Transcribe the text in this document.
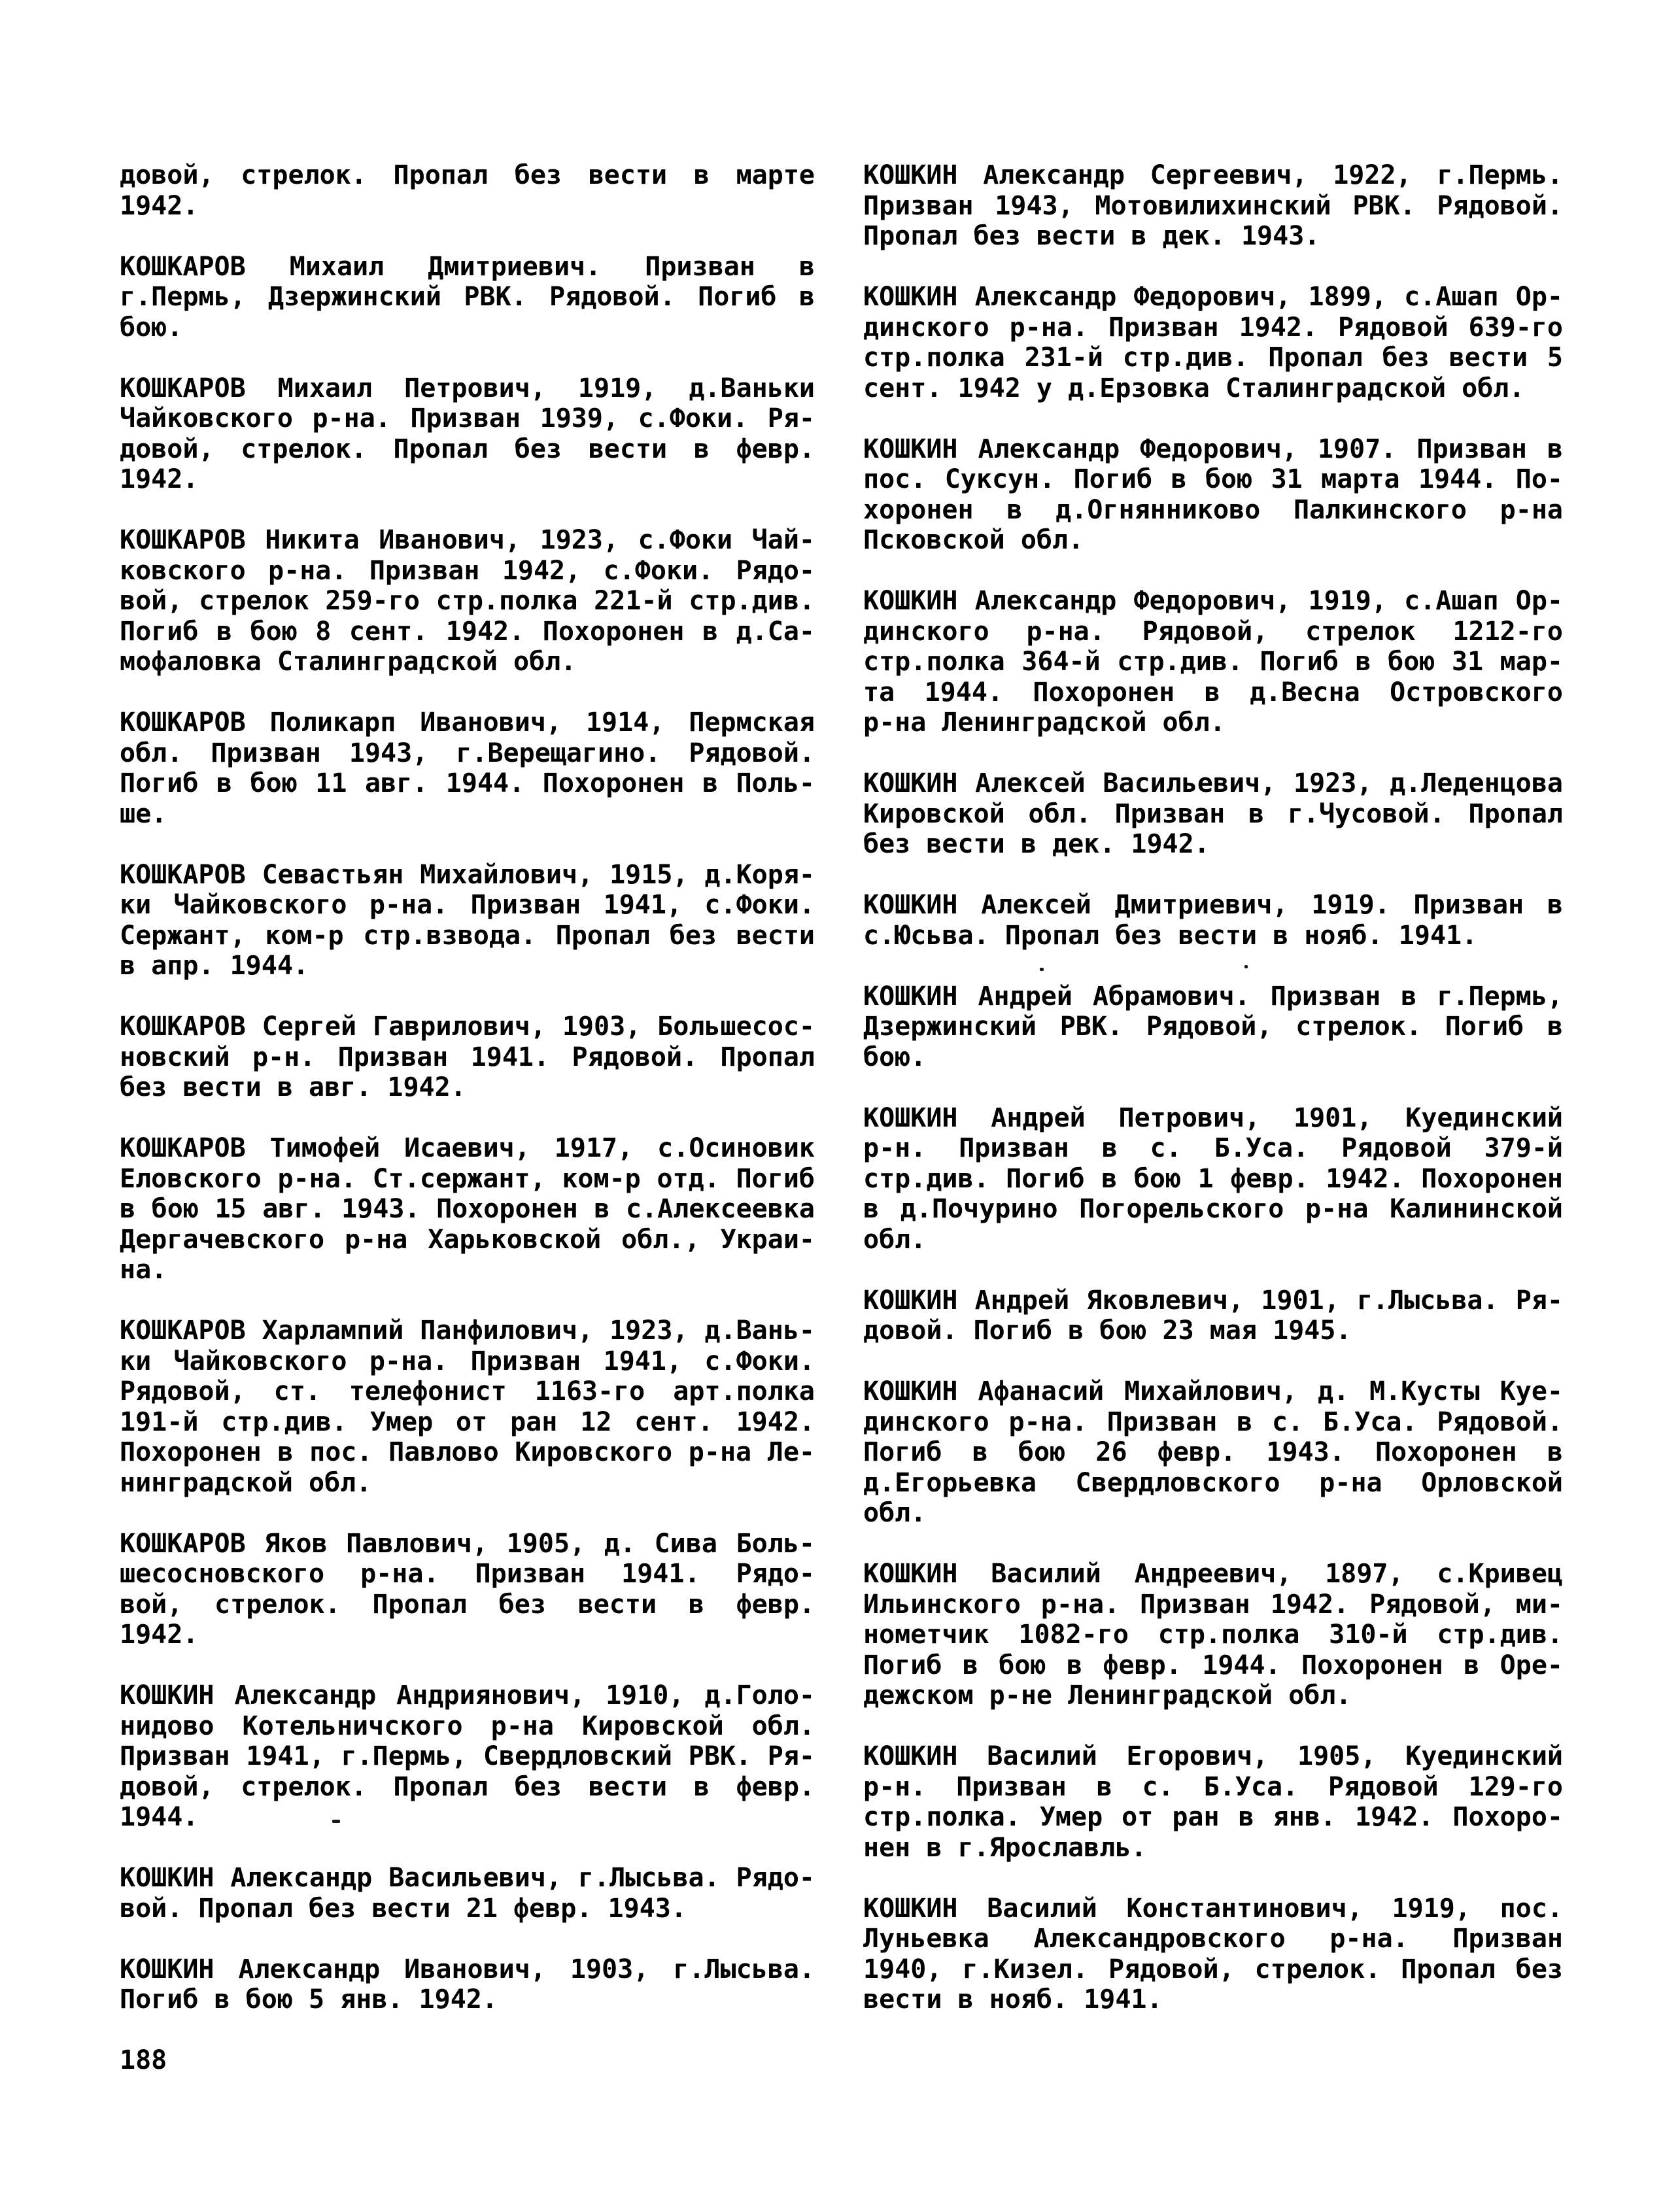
довой, стрелок. Пропал без вести в марте
1942.

КОШКАРОВ Михаил Дмитриевич. Призван в
г.Пермь, Дзержинский РВК. Рядовой. Погиб в
бою.

КОШКАРОВ Михаил Петрович, 1919, д.Ваньки
Чайковского р-на. Призван 1939, с.Фоки. Ря-
довой, стрелок. Пропал без вести в февр.
1942.

КОШКАРОВ Никита Иванович, 1923, с.Фоки Чай-
ковского р-на. Призван 1942, с.Фоки. Рядо-
вой, стрелок 259-го стр.полка 221-й стр.див.
Погиб в бою 8 сент. 1942. Похоронен в д.Са-
мофаловка Сталинградской обл.

КОШКАРОВ Поликарп Иванович, 1914, Пермская
обл. Призван 1943, г.Верещагино. Рядовой.
Погиб в бою 11 авг. 1944. Похоронен в Поль-
ше.

КОШКАРОВ Севастьян Михайлович, 1915, д.Коря-
ки Чайковского р-на. Призван 1941, с.Фоки.
Сержант, ком-р стр.взвода. Пропал без вести
в апр. 1944.

КОШКАРОВ Сергей Гаврилович, 1903, Большесос-
новский р-н. Призван 1941. Рядовой. Пропал
без вести в авг. 1942.

КОШКАРОВ Тимофей Исаевич, 1917, с.Осиновик
Еловского р-на. Ст.сержант, ком-р отд. Погиб
в бою 15 авг. 1943. Похоронен в с.Алексеевка
Дергачевского р-на Харьковской обл., Украи-
на.

КОШКАРОВ Харлампий Панфилович, 1923, д.Вань-
ки Чайковского р-на. Призван 1941, с.Фоки.
Рядовой, ст. телефонист 1163-го арт.полка
191-й стр.див. Умер от ран 12 сент. 1942.
Похоронен в пос. Павлово Кировского р-на Ле-
нинградской обл.

КОШКАРОВ Яков Павлович, 1905, д. Сива Боль-
шесосновского р-на. Призван 1941. Рядо-
вой, стрелок. Пропал без вести в февр.
1942.

КОШКИН Александр Андриянович, 1910, д.Голо-
нидово Котельничского р-на Кировской обл.
Призван 1941, г.Пермь, Свердловский РВК. Ря-
довой, стрелок. Пропал без вести в февр.
1944.

КОШКИН Александр Васильевич, г.Лысьва. Рядо-
вой. Пропал без вести 21 февр. 1943.

КОШКИН Александр Иванович, 1903, г.Лысьва.
Погиб в бою 5 янв. 1942.

КОШКИН Александр Сергеевич, 1922, г.Пермь.
Призван 1943, Мотовилихинский РВК. Рядовой.
Пропал без вести в дек. 1943.

КОШКИН Александр Федорович, 1899, с.Ашап Ор-
динского р-на. Призван 1942. Рядовой 639-го
стр.полка 231-й стр.див. Пропал без вести 5
сент. 1942 у д.Ерзовка Сталинградской обл.

КОШКИН Александр Федорович, 1907. Призван в
пос. Суксун. Погиб в бою 31 марта 1944. По-
хоронен в д.Огнянниково Палкинского р-на
Псковской обл.

КОШКИН Александр Федорович, 1919, с.Ашап Ор-
динского р-на. Рядовой, стрелок 1212-го
стр.полка 364-й стр.див. Погиб в бою 31 мар-
та 1944. Похоронен в д.Весна Островского
р-на Ленинградской обл.

КОШКИН Алексей Васильевич, 1923, д.Леденцова
Кировской обл. Призван в г.Чусовой. Пропал
без вести в дек. 1942.

КОШКИН Алексей Дмитриевич, 1919. Призван в
с.Юсьва. Пропал без вести в нояб. 1941.

КОШКИН Андрей Абрамович. Призван в г.Пермь,
Дзержинский РВК. Рядовой, стрелок. Погиб в
бою.

КОШКИН Андрей Петрович, 1901, Куединский
р-н. Призван в с. Б.Уса. Рядовой 379-й
стр.див. Погиб в бою 1 февр. 1942. Похоронен
в д.Почурино Погорельского р-на Калининской
обл.

КОШКИН Андрей Яковлевич, 1901, г.Лысьва. Ря-
довой. Погиб в бою 23 мая 1945.

КОШКИН Афанасий Михайлович, д. М.Кусты Куе-
динского р-на. Призван в с. Б.Уса. Рядовой.
Погиб в бою 26 февр. 1943. Похоронен в
д.Егорьевка Свердловского р-на Орловской
обл.

КОШКИН Василий Андреевич, 1897, с.Кривец
Ильинского р-на. Призван 1942. Рядовой, ми-
нометчик 1082-го стр.полка 310-й стр.див.
Погиб в бою в февр. 1944. Похоронен в Оре-
дежском р-не Ленинградской обл.

КОШКИН Василий Егорович, 1905, Куединский
р-н. Призван в с. Б.Уса. Рядовой 129-го
стр.полка. Умер от ран в янв. 1942. Похоро-
нен в г.Ярославль.

КОШКИН Василий Константинович, 1919, пос.
Луньевка Александровского р-на. Призван
1940, г.Кизел. Рядовой, стрелок. Пропал без
вести в нояб. 1941.

188
